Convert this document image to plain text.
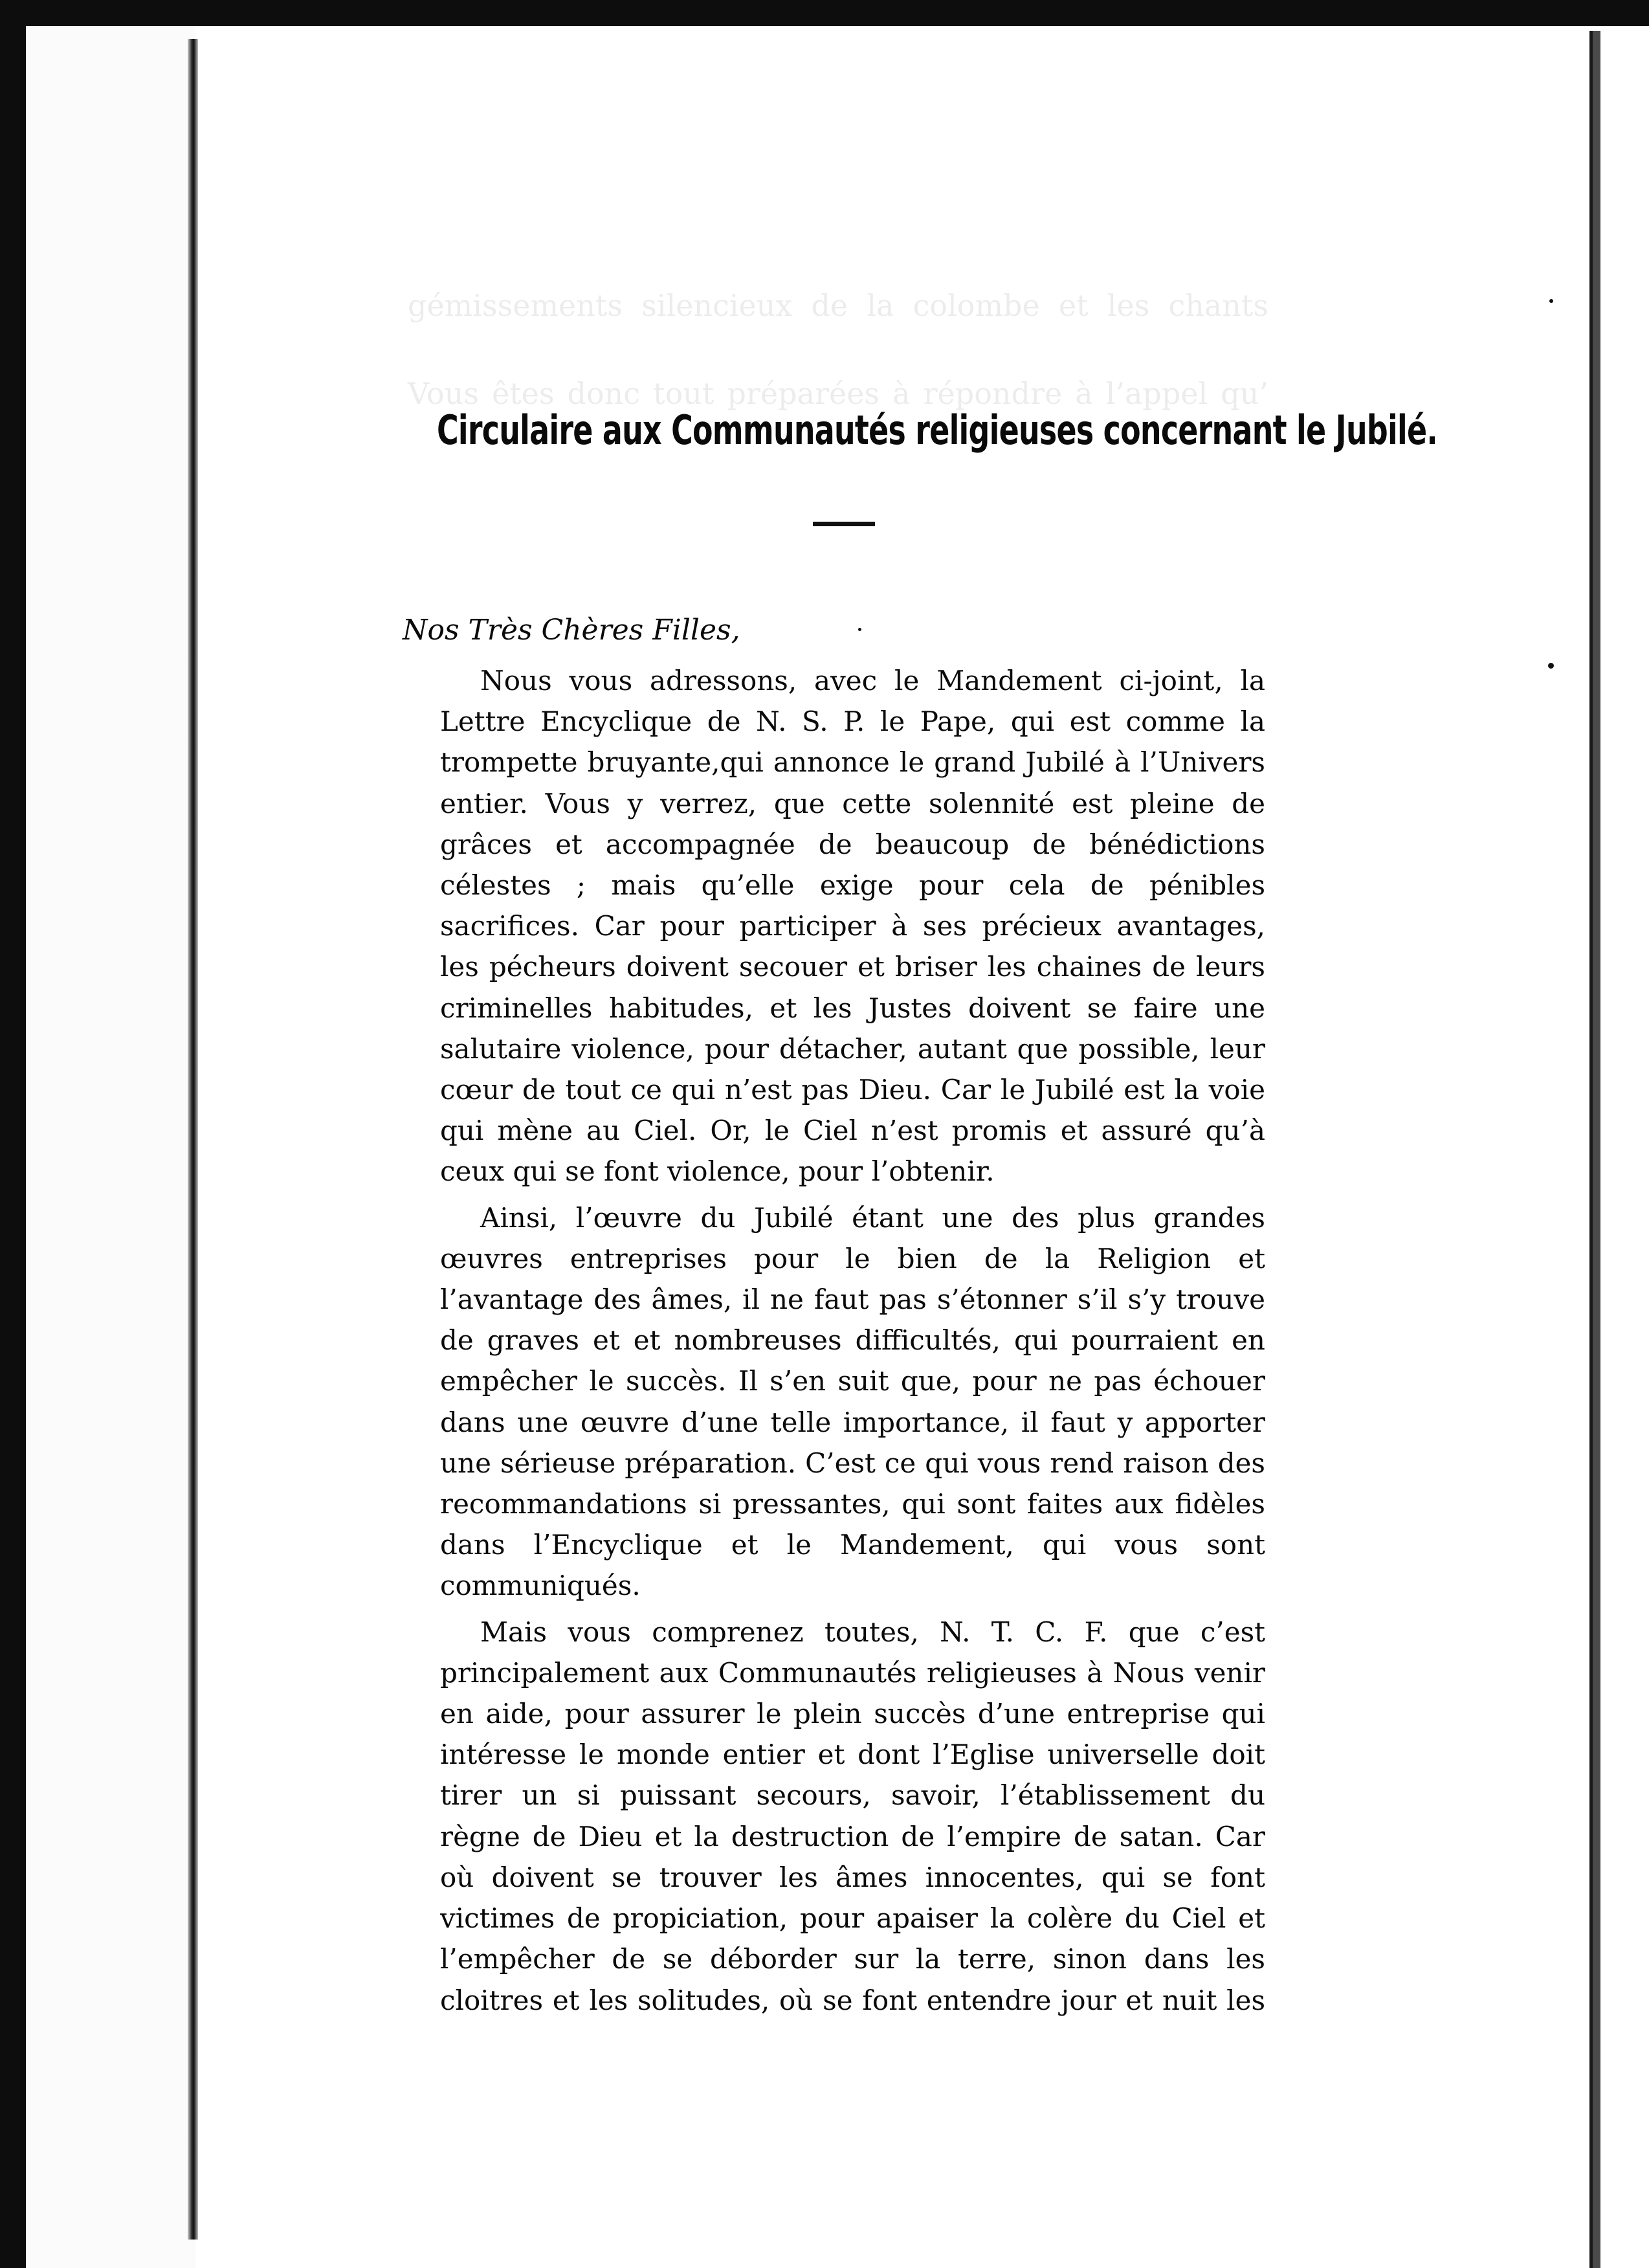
gémissements silencieux de la colombe et les chants
Vous êtes donc tout préparées à répondre à l’appel qu’
Circulaire aux Communautés religieuses concernant le Jubilé.

Nos Très Chères Filles,

Nous vous adressons, avec le Mandement ci-joint, la Lettre Encyclique de N. S. P. le Pape, qui est comme la trompette bruyante,qui annonce le grand Jubilé à l’Univers entier. Vous y verrez, que cette solennité est pleine de grâces et accompagnée de beaucoup de bénédictions célestes ; mais qu’elle exige pour cela de pénibles sacrifices. Car pour participer à ses précieux avantages, les pécheurs doivent secouer et briser les chaines de leurs criminelles habitudes, et les Justes doivent se faire une salutaire violence, pour détacher, autant que possible, leur cœur de tout ce qui n’est pas Dieu. Car le Jubilé est la voie qui mène au Ciel. Or, le Ciel n’est promis et assuré qu’à ceux qui se font violence, pour l’obtenir.

Ainsi, l’œuvre du Jubilé étant une des plus grandes œuvres entreprises pour le bien de la Religion et l’avantage des âmes, il ne faut pas s’étonner s’il s’y trouve de graves et et nombreuses difficultés, qui pourraient en empêcher le succès. Il s’en suit que, pour ne pas échouer dans une œuvre d’une telle importance, il faut y apporter une sérieuse préparation. C’est ce qui vous rend raison des recommandations si pressantes, qui sont faites aux fidèles dans l’Encyclique et le Mandement, qui vous sont communiqués.

Mais vous comprenez toutes, N. T. C. F. que c’est principalement aux Communautés religieuses à Nous venir en aide, pour assurer le plein succès d’une entreprise qui intéresse le monde entier et dont l’Eglise universelle doit tirer un si puissant secours, savoir, l’établissement du règne de Dieu et la destruction de l’empire de satan. Car où doivent se trouver les âmes innocentes, qui se font victimes de propiciation, pour apaiser la colère du Ciel et l’empêcher de se déborder sur la terre, sinon dans les cloitres et les solitudes, où se font entendre jour et nuit les
